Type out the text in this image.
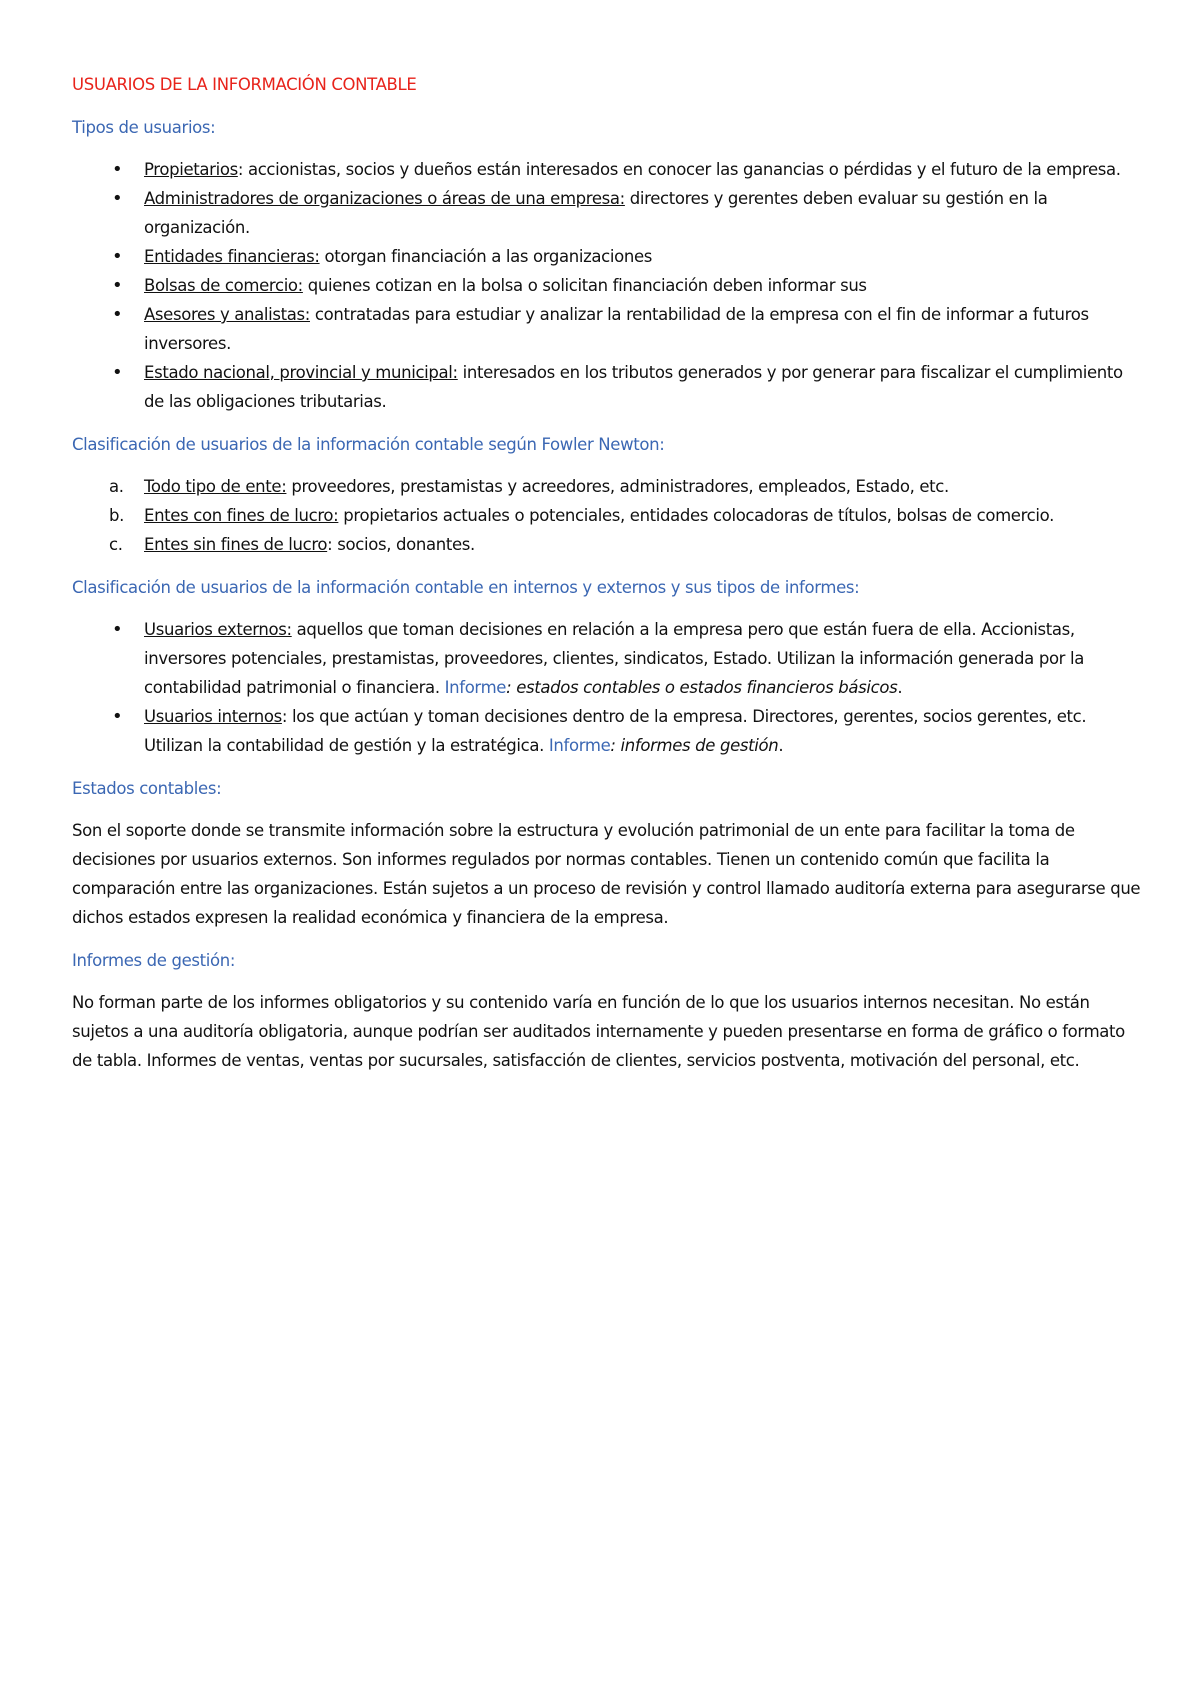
USUARIOS DE LA INFORMACIÓN CONTABLE
Tipos de usuarios:
• Propietarios: accionistas, socios y dueños están interesados en conocer las ganancias o pérdidas y el futuro de la empresa.
• Administradores de organizaciones o áreas de una empresa: directores y gerentes deben evaluar su gestión en la organización.
• Entidades financieras: otorgan financiación a las organizaciones
• Bolsas de comercio: quienes cotizan en la bolsa o solicitan financiación deben informar sus
• Asesores y analistas: contratadas para estudiar y analizar la rentabilidad de la empresa con el fin de informar a futuros inversores.
• Estado nacional, provincial y municipal: interesados en los tributos generados y por generar para fiscalizar el cumplimiento de las obligaciones tributarias.
Clasificación de usuarios de la información contable según Fowler Newton:
a. Todo tipo de ente: proveedores, prestamistas y acreedores, administradores, empleados, Estado, etc.
b. Entes con fines de lucro: propietarios actuales o potenciales, entidades colocadoras de títulos, bolsas de comercio.
c. Entes sin fines de lucro: socios, donantes.
Clasificación de usuarios de la información contable en internos y externos y sus tipos de informes:
• Usuarios externos: aquellos que toman decisiones en relación a la empresa pero que están fuera de ella. Accionistas, inversores potenciales, prestamistas, proveedores, clientes, sindicatos, Estado. Utilizan la información generada por la contabilidad patrimonial o financiera. Informe: estados contables o estados financieros básicos.
• Usuarios internos: los que actúan y toman decisiones dentro de la empresa. Directores, gerentes, socios gerentes, etc. Utilizan la contabilidad de gestión y la estratégica. Informe: informes de gestión.
Estados contables:

Son el soporte donde se transmite información sobre la estructura y evolución patrimonial de un ente para facilitar la toma de decisiones por usuarios externos. Son informes regulados por normas contables. Tienen un contenido común que facilita la comparación entre las organizaciones. Están sujetos a un proceso de revisión y control llamado auditoría externa para asegurarse que dichos estados expresen la realidad económica y financiera de la empresa.

Informes de gestión:

No forman parte de los informes obligatorios y su contenido varía en función de lo que los usuarios internos necesitan. No están sujetos a una auditoría obligatoria, aunque podrían ser auditados internamente y pueden presentarse en forma de gráfico o formato de tabla. Informes de ventas, ventas por sucursales, satisfacción de clientes, servicios postventa, motivación del personal, etc.
